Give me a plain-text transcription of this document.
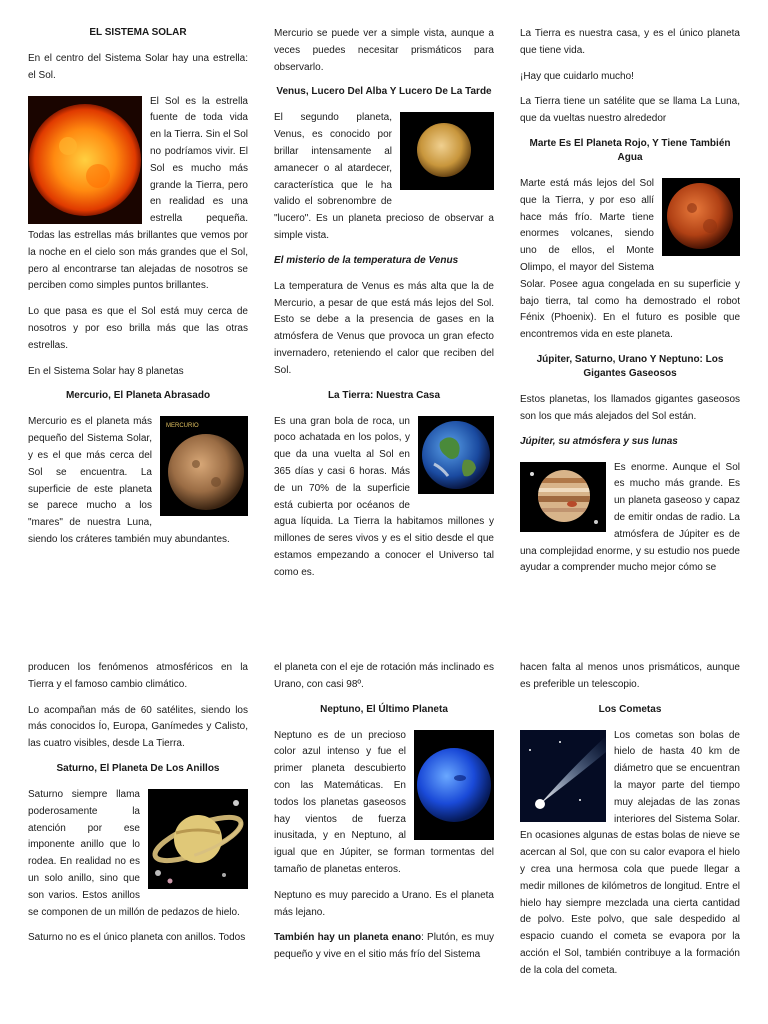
EL SISTEMA SOLAR

En el centro del Sistema Solar hay una estrella: el Sol.

El Sol es la estrella fuente de toda vida en la Tierra. Sin el Sol no podríamos vivir. El Sol es mucho más grande la Tierra, pero en realidad es una estrella pequeña. Todas las estrellas más brillantes que vemos por la noche en el cielo son más grandes que el Sol, pero al encontrarse tan alejadas de nosotros se perciben como simples puntos brillantes.

Lo que pasa es que el Sol está muy cerca de nosotros y por eso brilla más que las otras estrellas.

En el Sistema Solar hay 8 planetas

Mercurio, El Planeta Abrasado

MERCURIO
Mercurio es el planeta más pequeño del Sistema Solar, y es el que más cerca del Sol se encuentra. La superficie de este planeta se parece mucho a los "mares" de nuestra Luna, siendo los cráteres también muy abundantes.

Mercurio se puede ver a simple vista, aunque a veces puedes necesitar prismáticos para observarlo.

Venus, Lucero Del Alba Y Lucero De La Tarde

El segundo planeta, Venus, es conocido por brillar intensamente al amanecer o al atardecer, característica que le ha valido el sobrenombre de "lucero". Es un planeta precioso de observar a simple vista.

El misterio de la temperatura de Venus

La temperatura de Venus es más alta que la de Mercurio, a pesar de que está más lejos del Sol. Esto se debe a la presencia de gases en la atmósfera de Venus que provoca un gran efecto invernadero, reteniendo el calor que reciben del Sol.

La Tierra: Nuestra Casa

Es una gran bola de roca, un poco achatada en los polos, y que da una vuelta al Sol en 365 días y casi 6 horas. Más de un 70% de la superficie está cubierta por océanos de agua líquida. La Tierra la habitamos millones y millones de seres vivos y es el sitio desde el que estamos empezando a conocer el Universo tal como es.

La Tierra es nuestra casa, y es el único planeta que tiene vida.

¡Hay que cuidarlo mucho!

La Tierra tiene un satélite que se llama La Luna, que da vueltas nuestro alrededor

Marte Es El Planeta Rojo, Y Tiene También Agua

Marte está más lejos del Sol que la Tierra, y por eso allí hace más frío. Marte tiene enormes volcanes, siendo uno de ellos, el Monte Olimpo, el mayor del Sistema Solar. Posee agua congelada en su superficie y bajo tierra, tal como ha demostrado el robot Fénix (Phoenix). En el futuro es posible que encontremos vida en este planeta.

Júpiter, Saturno, Urano Y Neptuno: Los Gigantes Gaseosos

Estos planetas, los llamados gigantes gaseosos son los que más alejados del Sol están.

Júpiter, su atmósfera y sus lunas

Es enorme. Aunque el Sol es mucho más grande. Es un planeta gaseoso y capaz de emitir ondas de radio. La atmósfera de Júpiter es de una complejidad enorme, y su estudio nos puede ayudar a comprender mucho mejor cómo se

producen los fenómenos atmosféricos en la Tierra y el famoso cambio climático.

Lo acompañan más de 60 satélites, siendo los más conocidos Ío, Europa, Ganímedes y Calisto, las cuatro visibles, desde La Tierra.

Saturno, El Planeta De Los Anillos

Saturno siempre llama poderosamente la atención por ese imponente anillo que lo rodea. En realidad no es un solo anillo, sino que son varios. Estos anillos se componen de un millón de pedazos de hielo.

Saturno no es el único planeta con anillos. Todos

el planeta con el eje de rotación más inclinado es Urano, con casi 98º.

Neptuno, El Último Planeta

Neptuno es de un precioso color azul intenso y fue el primer planeta descubierto con las Matemáticas. En todos los planetas gaseosos hay vientos de fuerza inusitada, y en Neptuno, al igual que en Júpiter, se forman tormentas del tamaño de planetas enteros.

Neptuno es muy parecido a Urano. Es el planeta más lejano.

También hay un planeta enano: Plutón, es muy pequeño y vive en el sitio más frío del Sistema

hacen falta al menos unos prismáticos, aunque es preferible un telescopio.

Los Cometas

Los cometas son bolas de hielo de hasta 40 km de diámetro que se encuentran la mayor parte del tiempo muy alejadas de las zonas interiores del Sistema Solar. En ocasiones algunas de estas bolas de nieve se acercan al Sol, que con su calor evapora el hielo y crea una hermosa cola que puede llegar a medir millones de kilómetros de longitud. Entre el hielo hay siempre mezclada una cierta cantidad de polvo. Este polvo, que sale despedido al espacio cuando el cometa se evapora por la acción el Sol, también contribuye a la formación de la cola del cometa.
